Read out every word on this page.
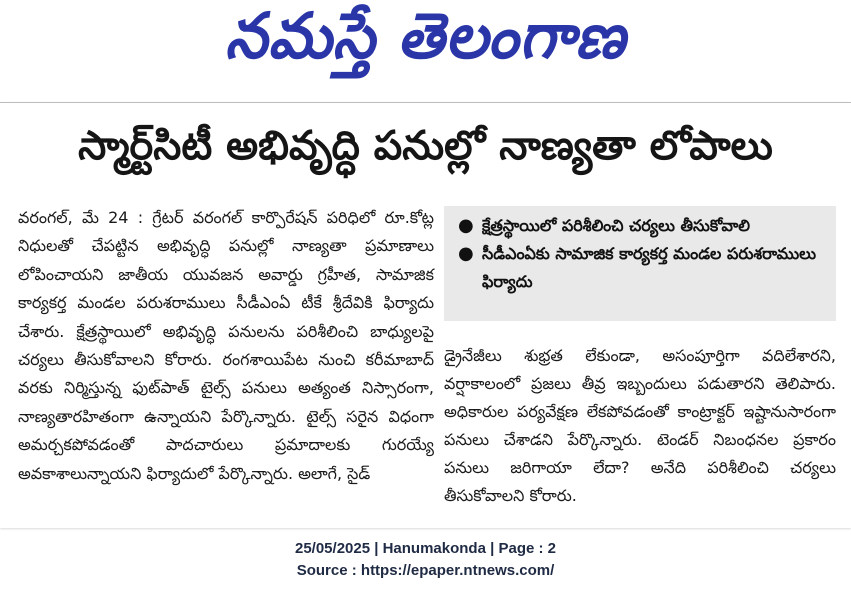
నమస్తే తెలంగాణ
స్మార్ట్‌సిటీ అభివృద్ధి పనుల్లో నాణ్యతా లోపాలు

వరంగల్, మే 24 : గ్రేటర్ వరంగల్ కార్పొరేషన్ పరిధిలో రూ.కోట్ల నిధులతో చేపట్టిన అభివృద్ధి పనుల్లో నాణ్యతా ప్రమాణాలు లోపించాయని జాతీయ యువజన అవార్డు గ్రహీత, సామాజిక కార్యకర్త మండల పరుశరాములు సీడీఎంఏ టీకే శ్రీదేవికి ఫిర్యాదు చేశారు. క్షేత్రస్థాయిలో అభివృద్ధి పనులను పరిశీలించి బాధ్యులపై చర్యలు తీసుకోవాలని కోరారు. రంగశాయిపేట నుంచి కరీమాబాద్ వరకు నిర్మిస్తున్న ఫుట్‌పాత్ టైల్స్ పనులు అత్యంత నిస్సారంగా, నాణ్యతారహితంగా ఉన్నాయని పేర్కొన్నారు. టైల్స్ సరైన విధంగా అమర్చకపోవడంతో పాదచారులు ప్రమాదాలకు గురయ్యే అవకాశాలున్నాయని ఫిర్యాదులో పేర్కొన్నారు. అలాగే, సైడ్

● క్షేత్రస్థాయిలో పరిశీలించి చర్యలు తీసుకోవాలి
● సీడీఎంఏకు సామాజిక కార్యకర్త మండల పరుశరాములు ఫిర్యాదు

డ్రైనేజీలు శుభ్రత లేకుండా, అసంపూర్తిగా వదిలేశారని, వర్షాకాలంలో ప్రజలు తీవ్ర ఇబ్బందులు పడుతారని తెలిపారు. అధికారుల పర్యవేక్షణ లేకపోవడంతో కాంట్రాక్టర్ ఇష్టానుసారంగా పనులు చేశాడని పేర్కొన్నారు. టెండర్ నిబంధనల ప్రకారం పనులు జరిగాయా లేదా? అనేది పరిశీలించి చర్యలు తీసుకోవాలని కోరారు.

25/05/2025 | Hanumakonda | Page : 2
Source : https://epaper.ntnews.com/
